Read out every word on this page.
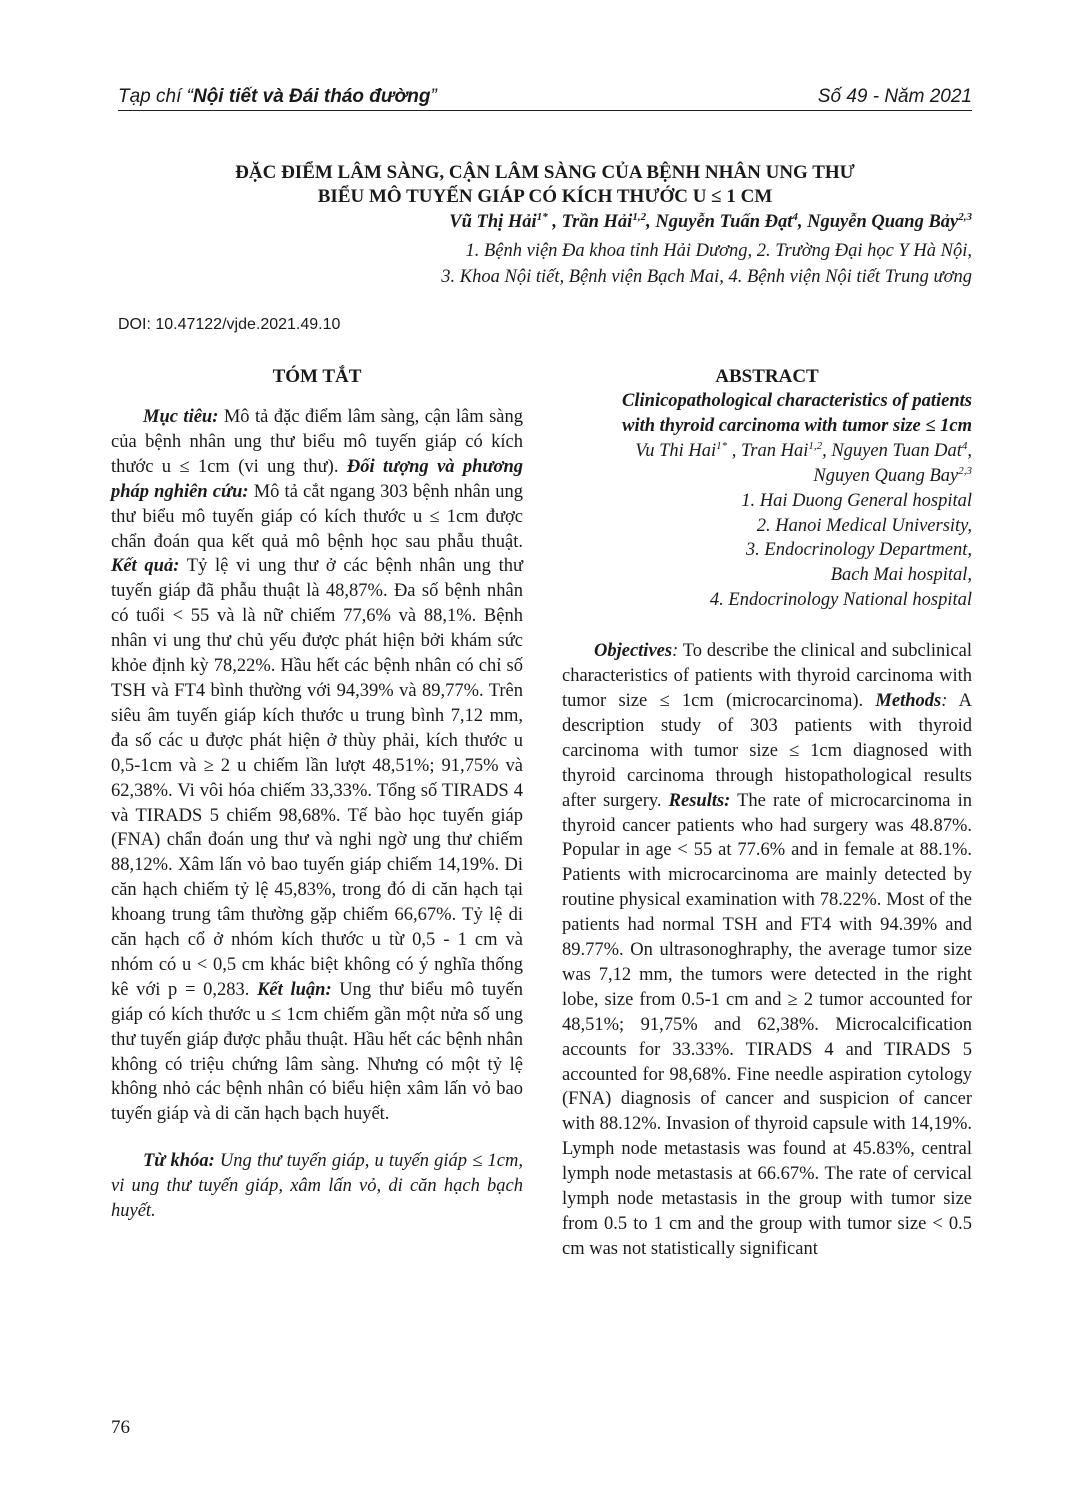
Tạp chí “Nội tiết và Đái tháo đường”	Số 49 - Năm 2021
ĐẶC ĐIỂM LÂM SÀNG, CẬN LÂM SÀNG CỦA BỆNH NHÂN UNG THƯ
BIỂU MÔ TUYẾN GIÁP CÓ KÍCH THƯỚC U ≤ 1 CM
Vũ Thị Hải$^{1*}$ , Trần Hải$^{1,2}$, Nguyễn Tuấn Đạt$^4$, Nguyễn Quang Bảy$^{2,3}$
1. Bệnh viện Đa khoa tỉnh Hải Dương, 2. Trường Đại học Y Hà Nội,
3. Khoa Nội tiết, Bệnh viện Bạch Mai, 4. Bệnh viện Nội tiết Trung ương
DOI: 10.47122/vjde.2021.49.10
TÓM TẮT

Mục tiêu: Mô tả đặc điểm lâm sàng, cận lâm sàng của bệnh nhân ung thư biểu mô tuyến giáp có kích thước u ≤ 1cm (vi ung thư). Đối tượng và phương pháp nghiên cứu: Mô tả cắt ngang 303 bệnh nhân ung thư biểu mô tuyến giáp có kích thước u ≤ 1cm được chẩn đoán qua kết quả mô bệnh học sau phẫu thuật. Kết quả: Tỷ lệ vi ung thư ở các bệnh nhân ung thư tuyến giáp đã phẫu thuật là 48,87%. Đa số bệnh nhân có tuổi < 55 và là nữ chiếm 77,6% và 88,1%. Bệnh nhân vi ung thư chủ yếu được phát hiện bởi khám sức khỏe định kỳ 78,22%. Hầu hết các bệnh nhân có chỉ số TSH và FT4 bình thường với 94,39% và 89,77%. Trên siêu âm tuyến giáp kích thước u trung bình 7,12 mm, đa số các u được phát hiện ở thùy phải, kích thước u 0,5-1cm và ≥ 2 u chiếm lần lượt 48,51%; 91,75% và 62,38%. Vi vôi hóa chiếm 33,33%. Tổng số TIRADS 4 và TIRADS 5 chiếm 98,68%. Tế bào học tuyến giáp (FNA) chẩn đoán ung thư và nghi ngờ ung thư chiếm 88,12%. Xâm lấn vỏ bao tuyến giáp chiếm 14,19%. Di căn hạch chiếm tỷ lệ 45,83%, trong đó di căn hạch tại khoang trung tâm thường gặp chiếm 66,67%. Tỷ lệ di căn hạch cổ ở nhóm kích thước u từ 0,5 - 1 cm và nhóm có u < 0,5 cm khác biệt không có ý nghĩa thống kê với p = 0,283. Kết luận: Ung thư biểu mô tuyến giáp có kích thước u ≤ 1cm chiếm gần một nửa số ung thư tuyến giáp được phẫu thuật. Hầu hết các bệnh nhân không có triệu chứng lâm sàng. Nhưng có một tỷ lệ không nhỏ các bệnh nhân có biểu hiện xâm lấn vỏ bao tuyến giáp và di căn hạch bạch huyết.

Từ khóa: Ung thư tuyến giáp, u tuyến giáp ≤ 1cm, vi ung thư tuyến giáp, xâm lấn vỏ, di căn hạch bạch huyết.

ABSTRACT
Clinicopathological characteristics of patients
with thyroid carcinoma with tumor size ≤ 1cm
Vu Thi Hai$^{1*}$ , Tran Hai$^{1,2}$, Nguyen Tuan Dat$^4$,
Nguyen Quang Bay$^{2,3}$
1. Hai Duong General hospital
2. Hanoi Medical University,
3. Endocrinology Department,
Bach Mai hospital,
4. Endocrinology National hospital

Objectives: To describe the clinical and subclinical characteristics of patients with thyroid carcinoma with tumor size ≤ 1cm (microcarcinoma). Methods: A description study of 303 patients with thyroid carcinoma with tumor size ≤ 1cm diagnosed with thyroid carcinoma through histopathological results after surgery. Results: The rate of microcarcinoma in thyroid cancer patients who had surgery was 48.87%. Popular in age < 55 at 77.6% and in female at 88.1%. Patients with microcarcinoma are mainly detected by routine physical examination with 78.22%. Most of the patients had normal TSH and FT4 with 94.39% and 89.77%. On ultrasonoghraphy, the average tumor size was 7,12 mm, the tumors were detected in the right lobe, size from 0.5-1 cm and ≥ 2 tumor accounted for 48,51%; 91,75% and 62,38%. Microcalcification accounts for 33.33%. TIRADS 4 and TIRADS 5 accounted for 98,68%. Fine needle aspiration cytology (FNA) diagnosis of cancer and suspicion of cancer with 88.12%. Invasion of thyroid capsule with 14,19%. Lymph node metastasis was found at 45.83%, central lymph node metastasis at 66.67%. The rate of cervical lymph node metastasis in the group with tumor size from 0.5 to 1 cm and the group with tumor size < 0.5 cm was not statistically significant

76
